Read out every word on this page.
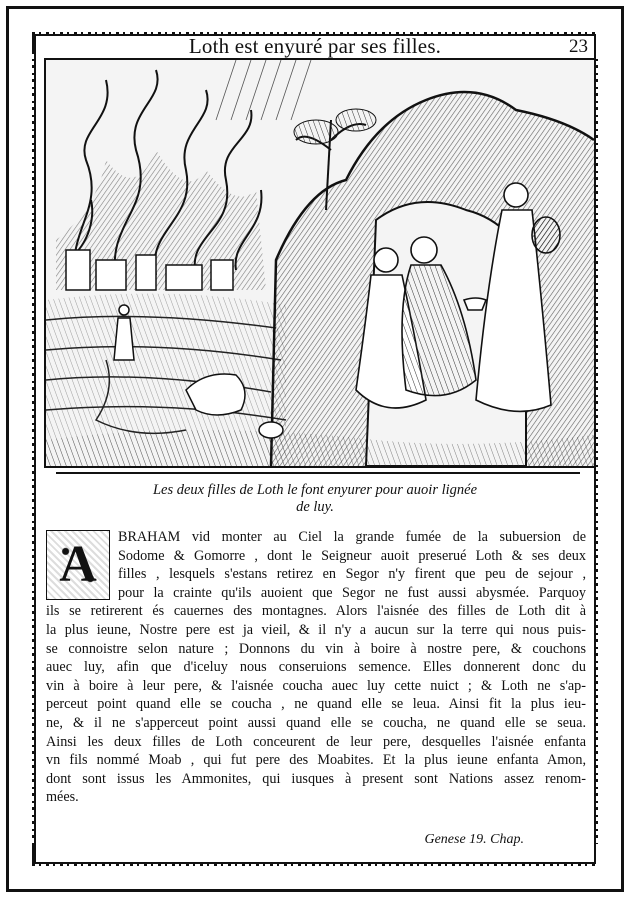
Loth est enyuré par ses filles.	23
Les deux filles de Loth le font enyurer pour auoir lignée
de luy.
A	BRAHAM vid monter au Ciel la grande fumée de la subuersion de
Sodome & Gomorre , dont le Seigneur auoit preserué Loth & ses deux
filles , lesquels s'estans retirez en Segor n'y firent que peu de sejour ,
pour la crainte qu'ils auoient que Segor ne fust aussi abysmée. Parquoy
ils se retirerent és cauernes des montagnes. Alors l'aisnée des filles de Loth dit à
la plus ieune, Nostre pere est ja vieil, & il n'y a aucun sur la terre qui nous puis-
se connoistre selon nature ; Donnons du vin à boire à nostre pere, & couchons
auec luy, afin que d'iceluy nous conseruions semence. Elles donnerent donc du
vin à boire à leur pere, & l'aisnée coucha auec luy cette nuict ; & Loth ne s'ap-
perceut point quand elle se coucha , ne quand elle se leua. Ainsi fit la plus ieu-
ne, & il ne s'apperceut point aussi quand elle se coucha, ne quand elle se seua.
Ainsi les deux filles de Loth conceurent de leur pere, desquelles l'aisnée enfanta
vn fils nommé Moab , qui fut pere des Moabites. Et la plus ieune enfanta Amon,
dont sont issus les Ammonites, qui iusques à present sont Nations assez renom-
mées.
Genese 19. Chap.
